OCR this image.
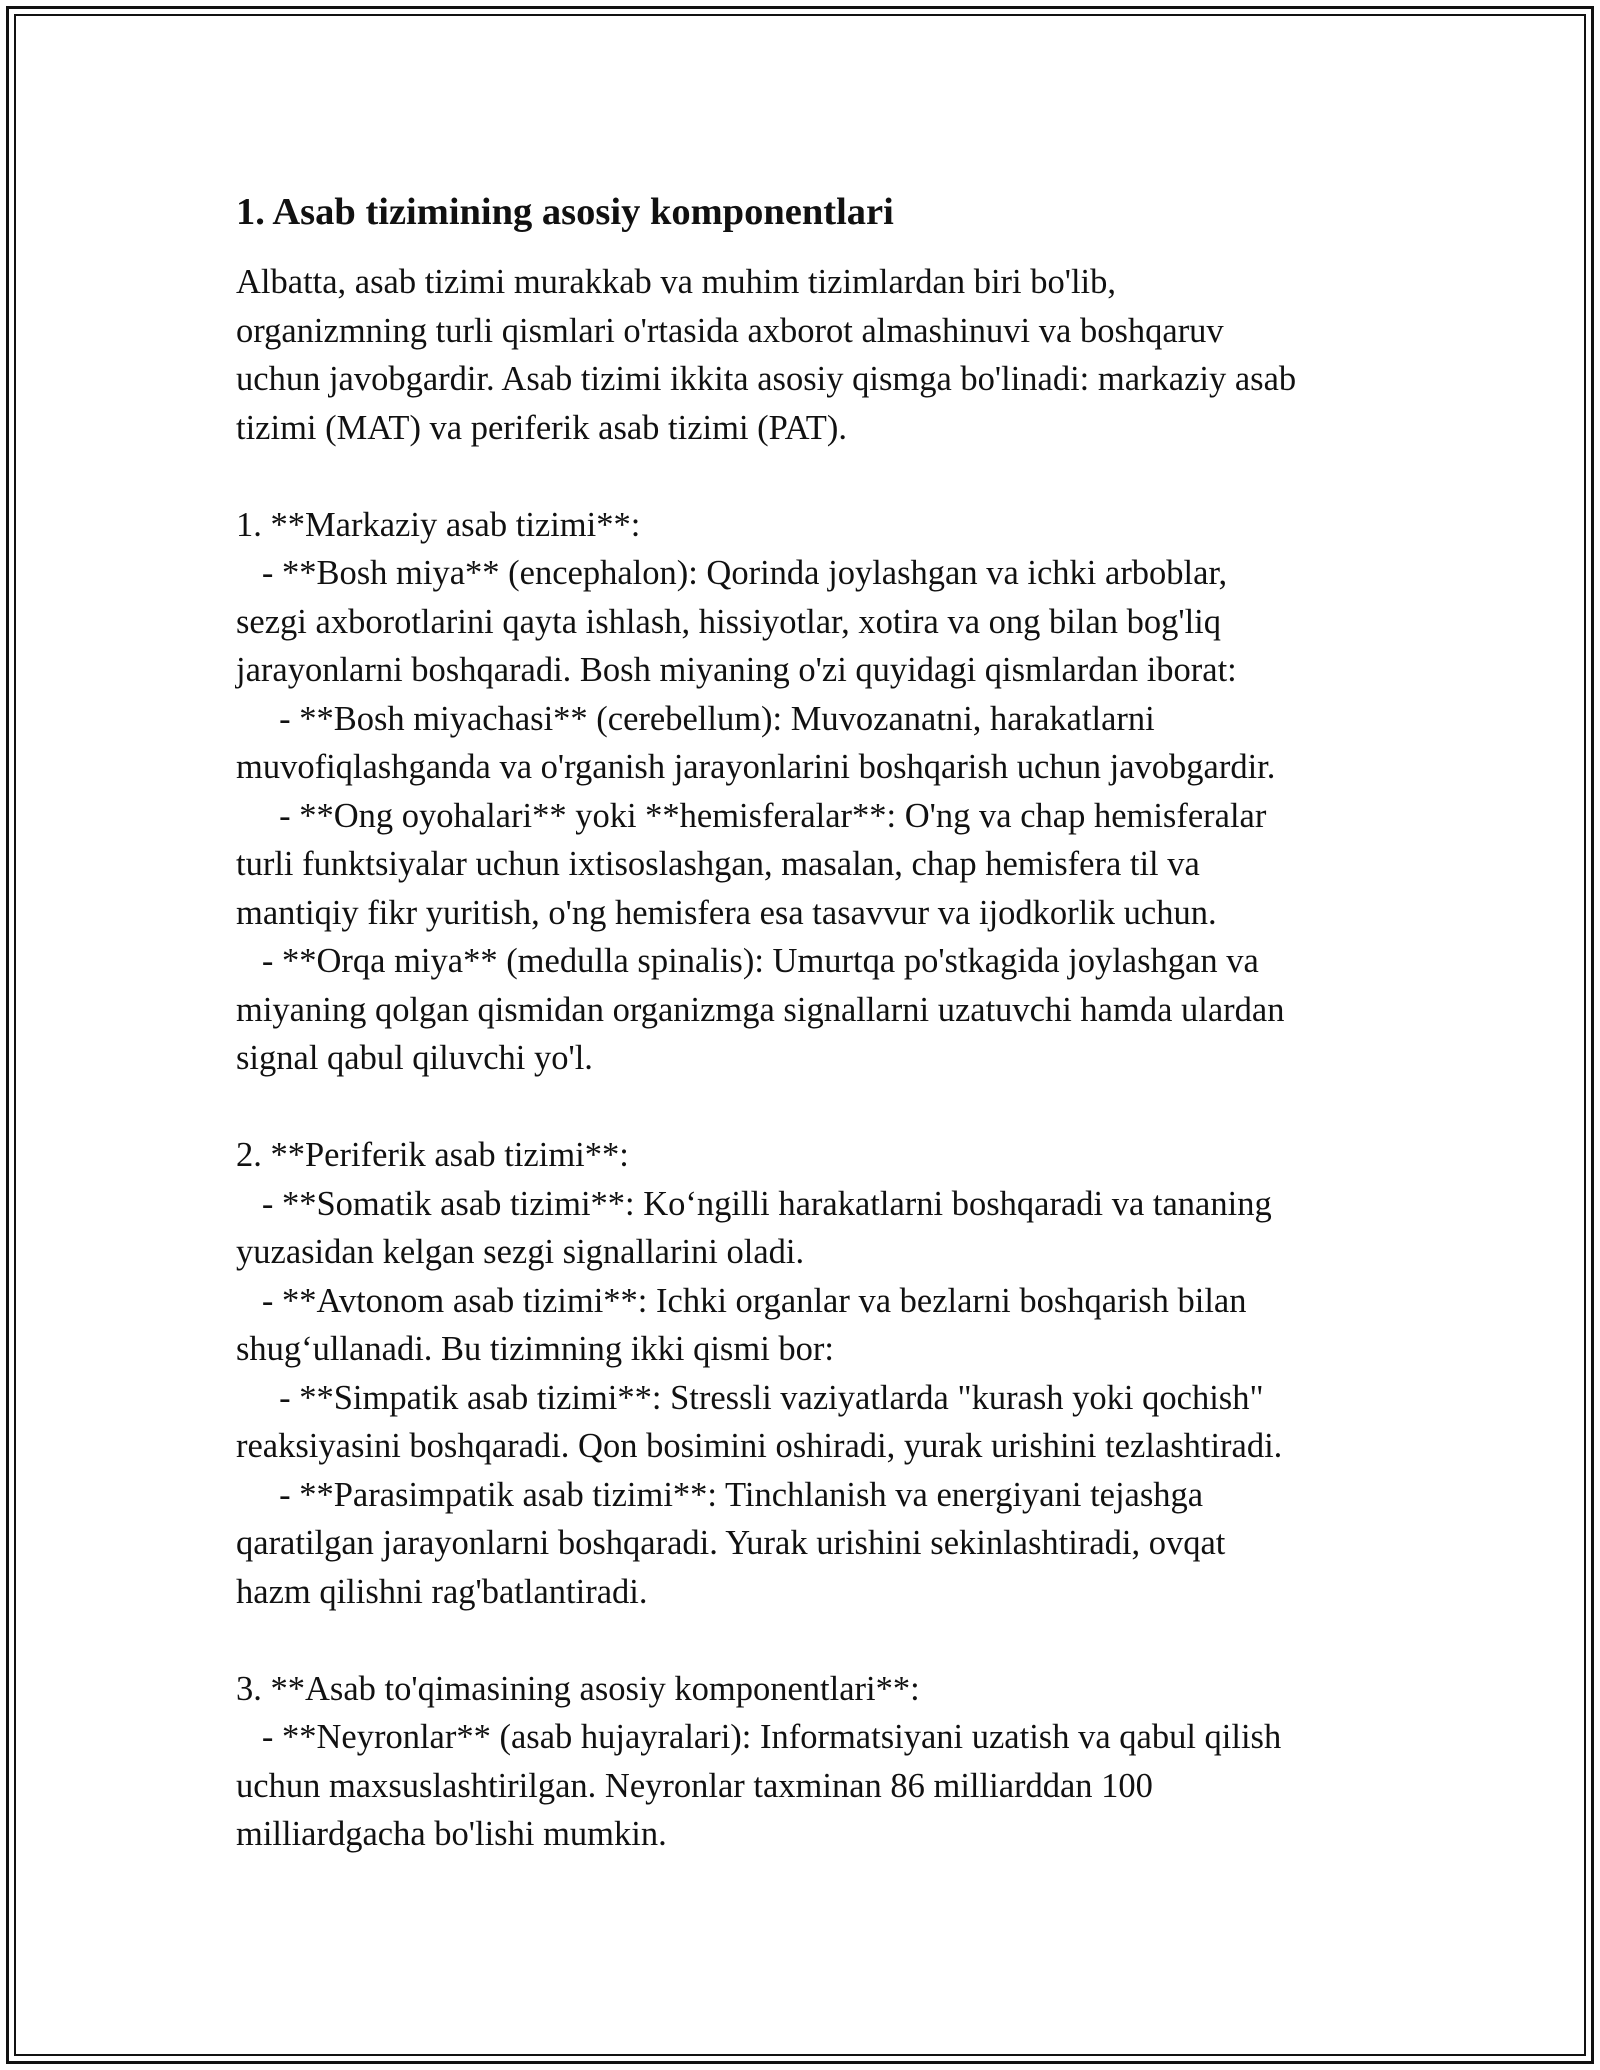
1. Asab tizimining asosiy komponentlari

Albatta, asab tizimi murakkab va muhim tizimlardan biri bo'lib,

organizmning turli qismlari o'rtasida axborot almashinuvi va boshqaruv

uchun javobgardir. Asab tizimi ikkita asosiy qismga bo'linadi: markaziy asab

tizimi (MAT) va periferik asab tizimi (PAT).

1. **Markaziy asab tizimi**:

- **Bosh miya** (encephalon): Qorinda joylashgan va ichki arboblar,

sezgi axborotlarini qayta ishlash, hissiyotlar, xotira va ong bilan bog'liq

jarayonlarni boshqaradi. Bosh miyaning o'zi quyidagi qismlardan iborat:

- **Bosh miyachasi** (cerebellum): Muvozanatni, harakatlarni

muvofiqlashganda va o'rganish jarayonlarini boshqarish uchun javobgardir.

- **Ong oyohalari** yoki **hemisferalar**: O'ng va chap hemisferalar

turli funktsiyalar uchun ixtisoslashgan, masalan, chap hemisfera til va

mantiqiy fikr yuritish, o'ng hemisfera esa tasavvur va ijodkorlik uchun.

- **Orqa miya** (medulla spinalis): Umurtqa po'stkagida joylashgan va

miyaning qolgan qismidan organizmga signallarni uzatuvchi hamda ulardan

signal qabul qiluvchi yo'l.

2. **Periferik asab tizimi**:

- **Somatik asab tizimi**: Ko‘ngilli harakatlarni boshqaradi va tananing

yuzasidan kelgan sezgi signallarini oladi.

- **Avtonom asab tizimi**: Ichki organlar va bezlarni boshqarish bilan

shug‘ullanadi. Bu tizimning ikki qismi bor:

- **Simpatik asab tizimi**: Stressli vaziyatlarda "kurash yoki qochish"

reaksiyasini boshqaradi. Qon bosimini oshiradi, yurak urishini tezlashtiradi.

- **Parasimpatik asab tizimi**: Tinchlanish va energiyani tejashga

qaratilgan jarayonlarni boshqaradi. Yurak urishini sekinlashtiradi, ovqat

hazm qilishni rag'batlantiradi.

3. **Asab to'qimasining asosiy komponentlari**:

- **Neyronlar** (asab hujayralari): Informatsiyani uzatish va qabul qilish

uchun maxsuslashtirilgan. Neyronlar taxminan 86 milliarddan 100

milliardgacha bo'lishi mumkin.
